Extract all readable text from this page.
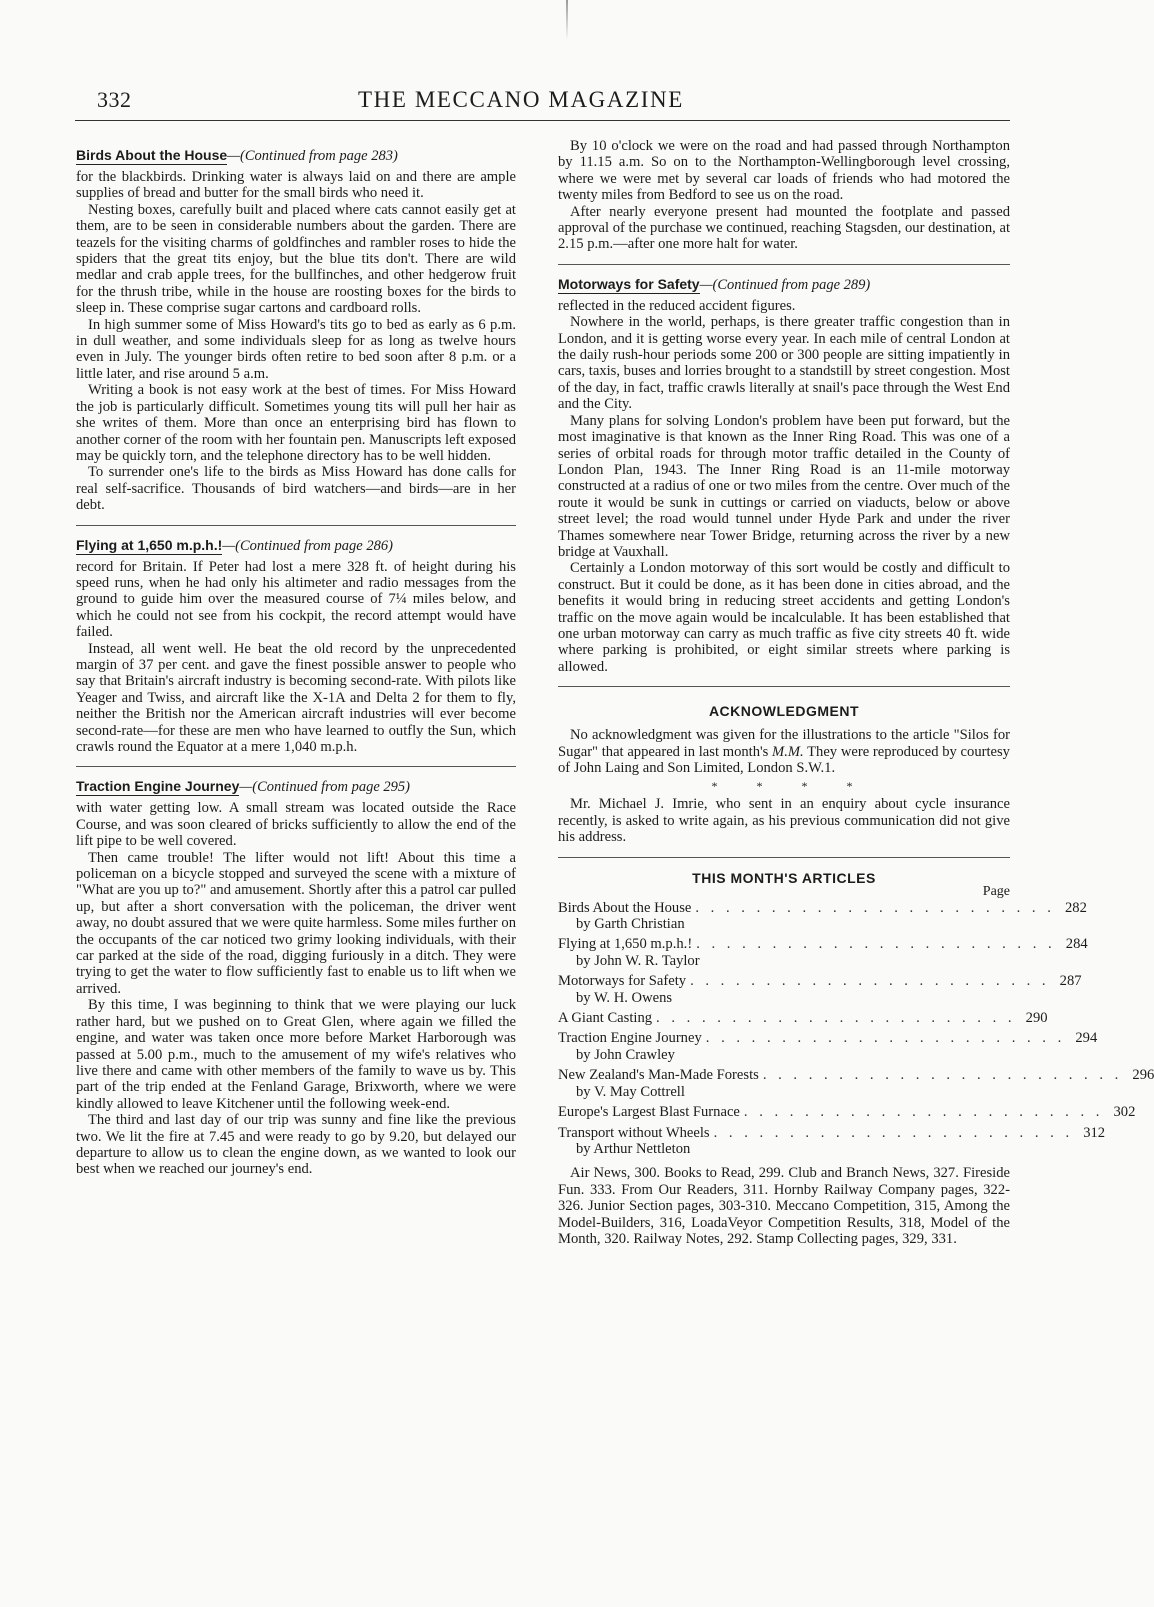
332	THE MECCANO MAGAZINE
Birds About the House—(Continued from page 283)

for the blackbirds. Drinking water is always laid on and there are ample supplies of bread and butter for the small birds who need it.

Nesting boxes, carefully built and placed where cats cannot easily get at them, are to be seen in considerable numbers about the garden. There are teazels for the visiting charms of goldfinches and rambler roses to hide the spiders that the great tits enjoy, but the blue tits don't. There are wild medlar and crab apple trees, for the bullfinches, and other hedgerow fruit for the thrush tribe, while in the house are roosting boxes for the birds to sleep in. These comprise sugar cartons and cardboard rolls.

In high summer some of Miss Howard's tits go to bed as early as 6 p.m. in dull weather, and some individuals sleep for as long as twelve hours even in July. The younger birds often retire to bed soon after 8 p.m. or a little later, and rise around 5 a.m.

Writing a book is not easy work at the best of times. For Miss Howard the job is particularly difficult. Sometimes young tits will pull her hair as she writes of them. More than once an enterprising bird has flown to another corner of the room with her fountain pen. Manuscripts left exposed may be quickly torn, and the telephone directory has to be well hidden.

To surrender one's life to the birds as Miss Howard has done calls for real self-sacrifice. Thousands of bird watchers—and birds—are in her debt.

Flying at 1,650 m.p.h.!—(Continued from page 286)

record for Britain. If Peter had lost a mere 328 ft. of height during his speed runs, when he had only his altimeter and radio messages from the ground to guide him over the measured course of 7¼ miles below, and which he could not see from his cockpit, the record attempt would have failed.

Instead, all went well. He beat the old record by the unprecedented margin of 37 per cent. and gave the finest possible answer to people who say that Britain's aircraft industry is becoming second-rate. With pilots like Yeager and Twiss, and aircraft like the X-1A and Delta 2 for them to fly, neither the British nor the American aircraft industries will ever become second-rate—for these are men who have learned to outfly the Sun, which crawls round the Equator at a mere 1,040 m.p.h.

Traction Engine Journey—(Continued from page 295)

with water getting low. A small stream was located outside the Race Course, and was soon cleared of bricks sufficiently to allow the end of the lift pipe to be well covered.

Then came trouble! The lifter would not lift! About this time a policeman on a bicycle stopped and surveyed the scene with a mixture of "What are you up to?" and amusement. Shortly after this a patrol car pulled up, but after a short conversation with the policeman, the driver went away, no doubt assured that we were quite harmless. Some miles further on the occupants of the car noticed two grimy looking individuals, with their car parked at the side of the road, digging furiously in a ditch. They were trying to get the water to flow sufficiently fast to enable us to lift when we arrived.

By this time, I was beginning to think that we were playing our luck rather hard, but we pushed on to Great Glen, where again we filled the engine, and water was taken once more before Market Harborough was passed at 5.00 p.m., much to the amusement of my wife's relatives who live there and came with other members of the family to wave us by. This part of the trip ended at the Fenland Garage, Brixworth, where we were kindly allowed to leave Kitchener until the following week-end.

The third and last day of our trip was sunny and fine like the previous two. We lit the fire at 7.45 and were ready to go by 9.20, but delayed our departure to allow us to clean the engine down, as we wanted to look our best when we reached our journey's end.

By 10 o'clock we were on the road and had passed through Northampton by 11.15 a.m. So on to the Northampton-Wellingborough level crossing, where we were met by several car loads of friends who had motored the twenty miles from Bedford to see us on the road.

After nearly everyone present had mounted the footplate and passed approval of the purchase we continued, reaching Stagsden, our destination, at 2.15 p.m.—after one more halt for water.

Motorways for Safety—(Continued from page 289)

reflected in the reduced accident figures.

Nowhere in the world, perhaps, is there greater traffic congestion than in London, and it is getting worse every year. In each mile of central London at the daily rush-hour periods some 200 or 300 people are sitting impatiently in cars, taxis, buses and lorries brought to a standstill by street congestion. Most of the day, in fact, traffic crawls literally at snail's pace through the West End and the City.

Many plans for solving London's problem have been put forward, but the most imaginative is that known as the Inner Ring Road. This was one of a series of orbital roads for through motor traffic detailed in the County of London Plan, 1943. The Inner Ring Road is an 11-mile motorway constructed at a radius of one or two miles from the centre. Over much of the route it would be sunk in cuttings or carried on viaducts, below or above street level; the road would tunnel under Hyde Park and under the river Thames somewhere near Tower Bridge, returning across the river by a new bridge at Vauxhall.

Certainly a London motorway of this sort would be costly and difficult to construct. But it could be done, as it has been done in cities abroad, and the benefits it would bring in reducing street accidents and getting London's traffic on the move again would be incalculable. It has been established that one urban motorway can carry as much traffic as five city streets 40 ft. wide where parking is prohibited, or eight similar streets where parking is allowed.

ACKNOWLEDGMENT

No acknowledgment was given for the illustrations to the article "Silos for Sugar" that appeared in last month's M.M. They were reproduced by courtesy of John Laing and Son Limited, London S.W.1.

* * * *

Mr. Michael J. Imrie, who sent in an enquiry about cycle insurance recently, is asked to write again, as his previous communication did not give his address.

THIS MONTH'S ARTICLES
Page
Birds About the House . . . . . . . . . . . . . . . . . . . . . . . . 282
by Garth Christian
Flying at 1,650 m.p.h.! . . . . . . . . . . . . . . . . . . . . . . . . 284
by John W. R. Taylor
Motorways for Safety . . . . . . . . . . . . . . . . . . . . . . . . 287
by W. H. Owens
A Giant Casting . . . . . . . . . . . . . . . . . . . . . . . . 290
Traction Engine Journey . . . . . . . . . . . . . . . . . . . . . . . . 294
by John Crawley
New Zealand's Man-Made Forests . . . . . . . . . . . . . . . . . . . . . . . . 296
by V. May Cottrell
Europe's Largest Blast Furnace . . . . . . . . . . . . . . . . . . . . . . . . 302
Transport without Wheels . . . . . . . . . . . . . . . . . . . . . . . . 312
by Arthur Nettleton

Air News, 300. Books to Read, 299. Club and Branch News, 327. Fireside Fun. 333. From Our Readers, 311. Hornby Railway Company pages, 322-326. Junior Section pages, 303-310. Meccano Competition, 315, Among the Model-Builders, 316, LoadaVeyor Competition Results, 318, Model of the Month, 320. Railway Notes, 292. Stamp Collecting pages, 329, 331.
